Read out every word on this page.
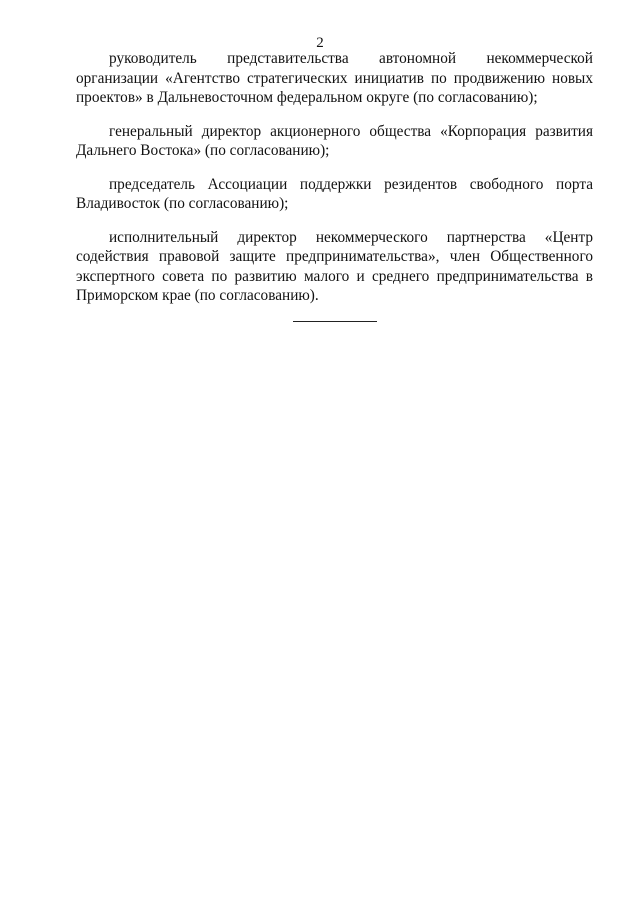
2

руководитель представительства автономной некоммерческой организации «Агентство стратегических инициатив по продвижению новых проектов» в Дальневосточном федеральном округе (по согласованию);

генеральный директор акционерного общества «Корпорация развития Дальнего Востока» (по согласованию);

председатель Ассоциации поддержки резидентов свободного порта Владивосток (по согласованию);

исполнительный директор некоммерческого партнерства «Центр содействия правовой защите предпринимательства», член Общественного экспертного совета по развитию малого и среднего предпринимательства в Приморском крае (по согласованию).
